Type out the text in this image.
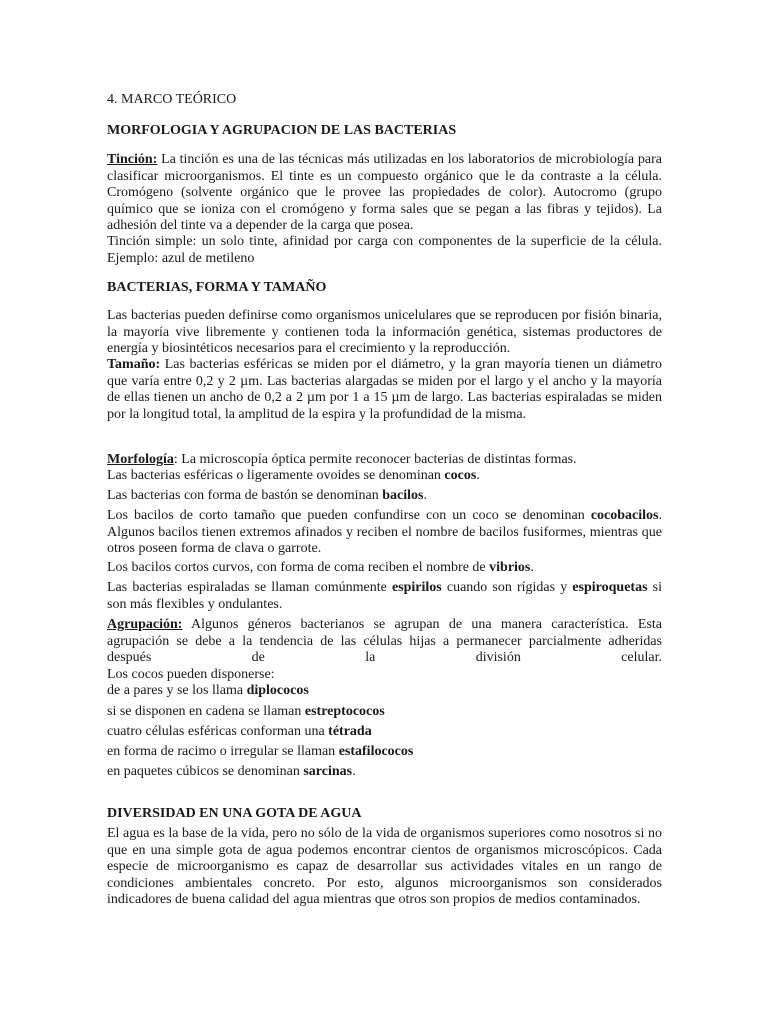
4. MARCO TEÓRICO

MORFOLOGIA Y AGRUPACION DE LAS BACTERIAS

Tinción: La tinción es una de las técnicas más utilizadas en los laboratorios de microbiología para clasificar microorganismos. El tinte es un compuesto orgánico que le da contraste a la célula. Cromógeno (solvente orgánico que le provee las propiedades de color). Autocromo (grupo químico que se ioniza con el cromógeno y forma sales que se pegan a las fibras y tejidos). La adhesión del tinte va a depender de la carga que posea.

Tinción simple: un solo tinte, afinidad por carga con componentes de la superficie de la célula. Ejemplo: azul de metileno

BACTERIAS, FORMA Y TAMAÑO

Las bacterias pueden definirse como organismos unicelulares que se reproducen por fisión binaria, la mayoría vive libremente y contienen toda la información genética, sistemas productores de energía y biosintéticos necesarios para el crecimiento y la reproducción.

Tamaño: Las bacterias esféricas se miden por el diámetro, y la gran mayoría tienen un diámetro que varía entre 0,2 y 2 µm. Las bacterias alargadas se miden por el largo y el ancho y la mayoría de ellas tienen un ancho de 0,2 a 2 µm por 1 a 15 µm de largo. Las bacterias espiraladas se miden por la longitud total, la amplitud de la espira y la profundidad de la misma.

Morfología: La microscopía óptica permite reconocer bacterias de distintas formas.

Las bacterias esféricas o ligeramente ovoides se denominan cocos.

Las bacterias con forma de bastón se denominan bacilos.

Los bacilos de corto tamaño que pueden confundirse con un coco se denominan cocobacilos. Algunos bacilos tienen extremos afinados y reciben el nombre de bacilos fusiformes, mientras que otros poseen forma de clava o garrote.

Los bacilos cortos curvos, con forma de coma reciben el nombre de vibrios.

Las bacterias espiraladas se llaman comúnmente espirilos cuando son rígidas y espiroquetas si son más flexibles y ondulantes.

Agrupación: Algunos géneros bacterianos se agrupan de una manera característica. Esta agrupación se debe a la tendencia de las células hijas a permanecer parcialmente adheridas después de la división celular.

Los cocos pueden disponerse:

de a pares y se los llama diplococos

si se disponen en cadena se llaman estreptococos

cuatro células esféricas conforman una tétrada

en forma de racimo o irregular se llaman estafilococos

en paquetes cúbicos se denominan sarcinas.

DIVERSIDAD EN UNA GOTA DE AGUA

El agua es la base de la vida, pero no sólo de la vida de organismos superiores como nosotros si no que en una simple gota de agua podemos encontrar cientos de organismos microscópicos. Cada especie de microorganismo es capaz de desarrollar sus actividades vitales en un rango de condiciones ambientales concreto. Por esto, algunos microorganismos son considerados indicadores de buena calidad del agua mientras que otros son propios de medios contaminados.
